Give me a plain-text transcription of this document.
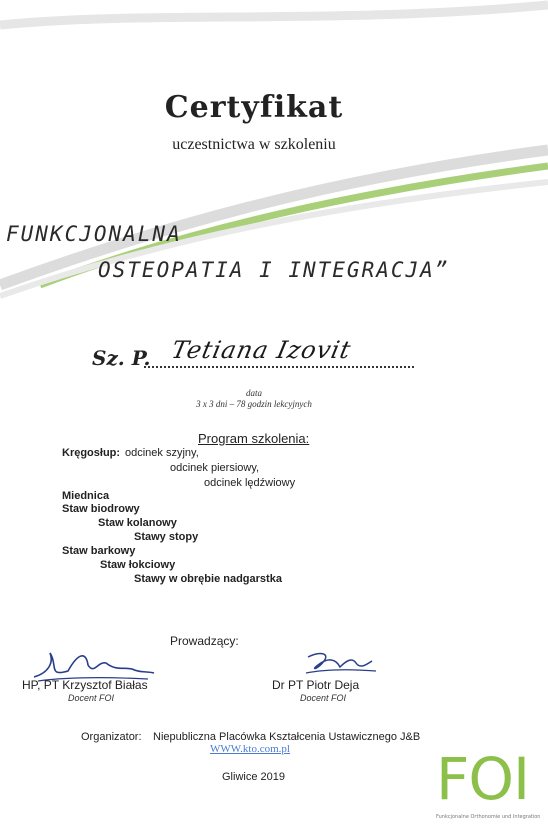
Certyfikat
uczestnictwa w szkoleniu
FUNKCJONALNA
OSTEOPATIA I INTEGRACJA”
Sz. P. Tetiana Izovit
data
3 x 3 dni – 78 godzin lekcyjnych
Program szkolenia:
Kręgosłup: odcinek szyjny,
odcinek piersiowy,
odcinek lędźwiowy
Miednica
Staw biodrowy
Staw kolanowy
Stawy stopy
Staw barkowy
Staw łokciowy
Stawy w obrębie nadgarstka
Prowadzący:
HP, PT Krzysztof Białas
Docent FOI
Dr PT Piotr Deja
Docent FOI
Organizator: Niepubliczna Placówka Kształcenia Ustawicznego J&B
WWW.kto.com.pl
Gliwice 2019	FOI
Funkcjonalne Orthonomie und Integration
